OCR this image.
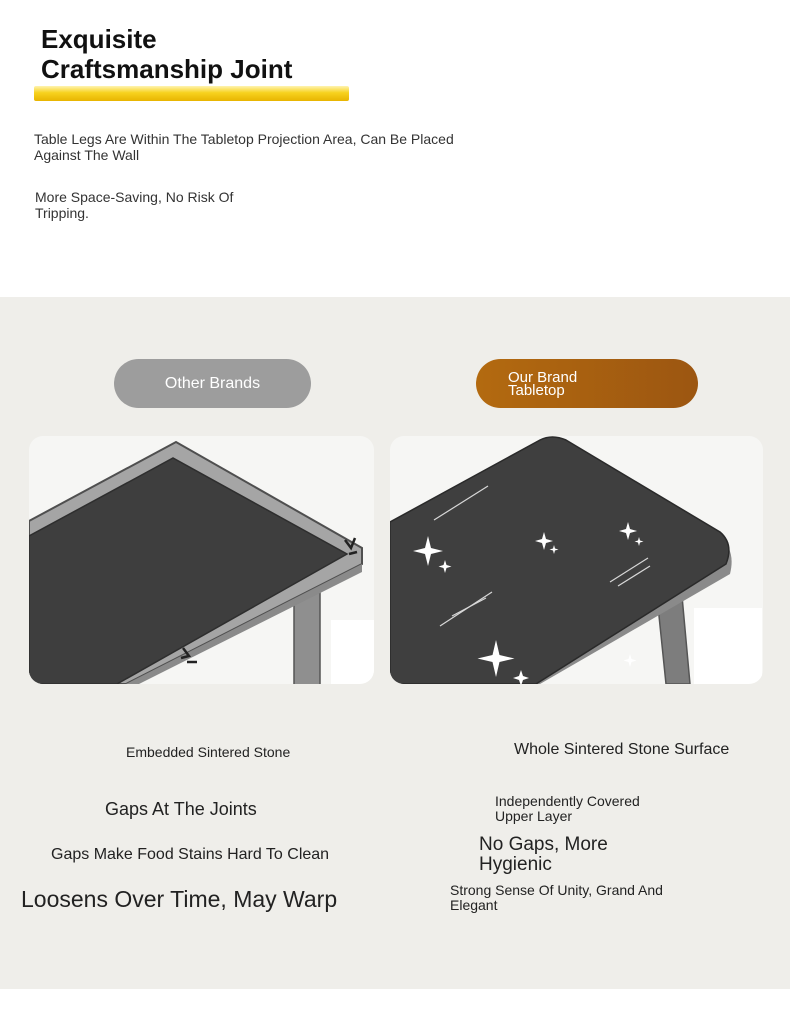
Exquisite
Craftsmanship Joint
Table Legs Are Within The Tabletop Projection Area, Can Be Placed Against The Wall
More Space-Saving, No Risk Of Tripping.
Other Brands	Our Brand
Tabletop
Embedded Sintered Stone
Gaps At The Joints
Gaps Make Food Stains Hard To Clean
Loosens Over Time, May Warp
Whole Sintered Stone Surface
Independently Covered Upper Layer
No Gaps, More Hygienic
Strong Sense Of Unity, Grand And Elegant
